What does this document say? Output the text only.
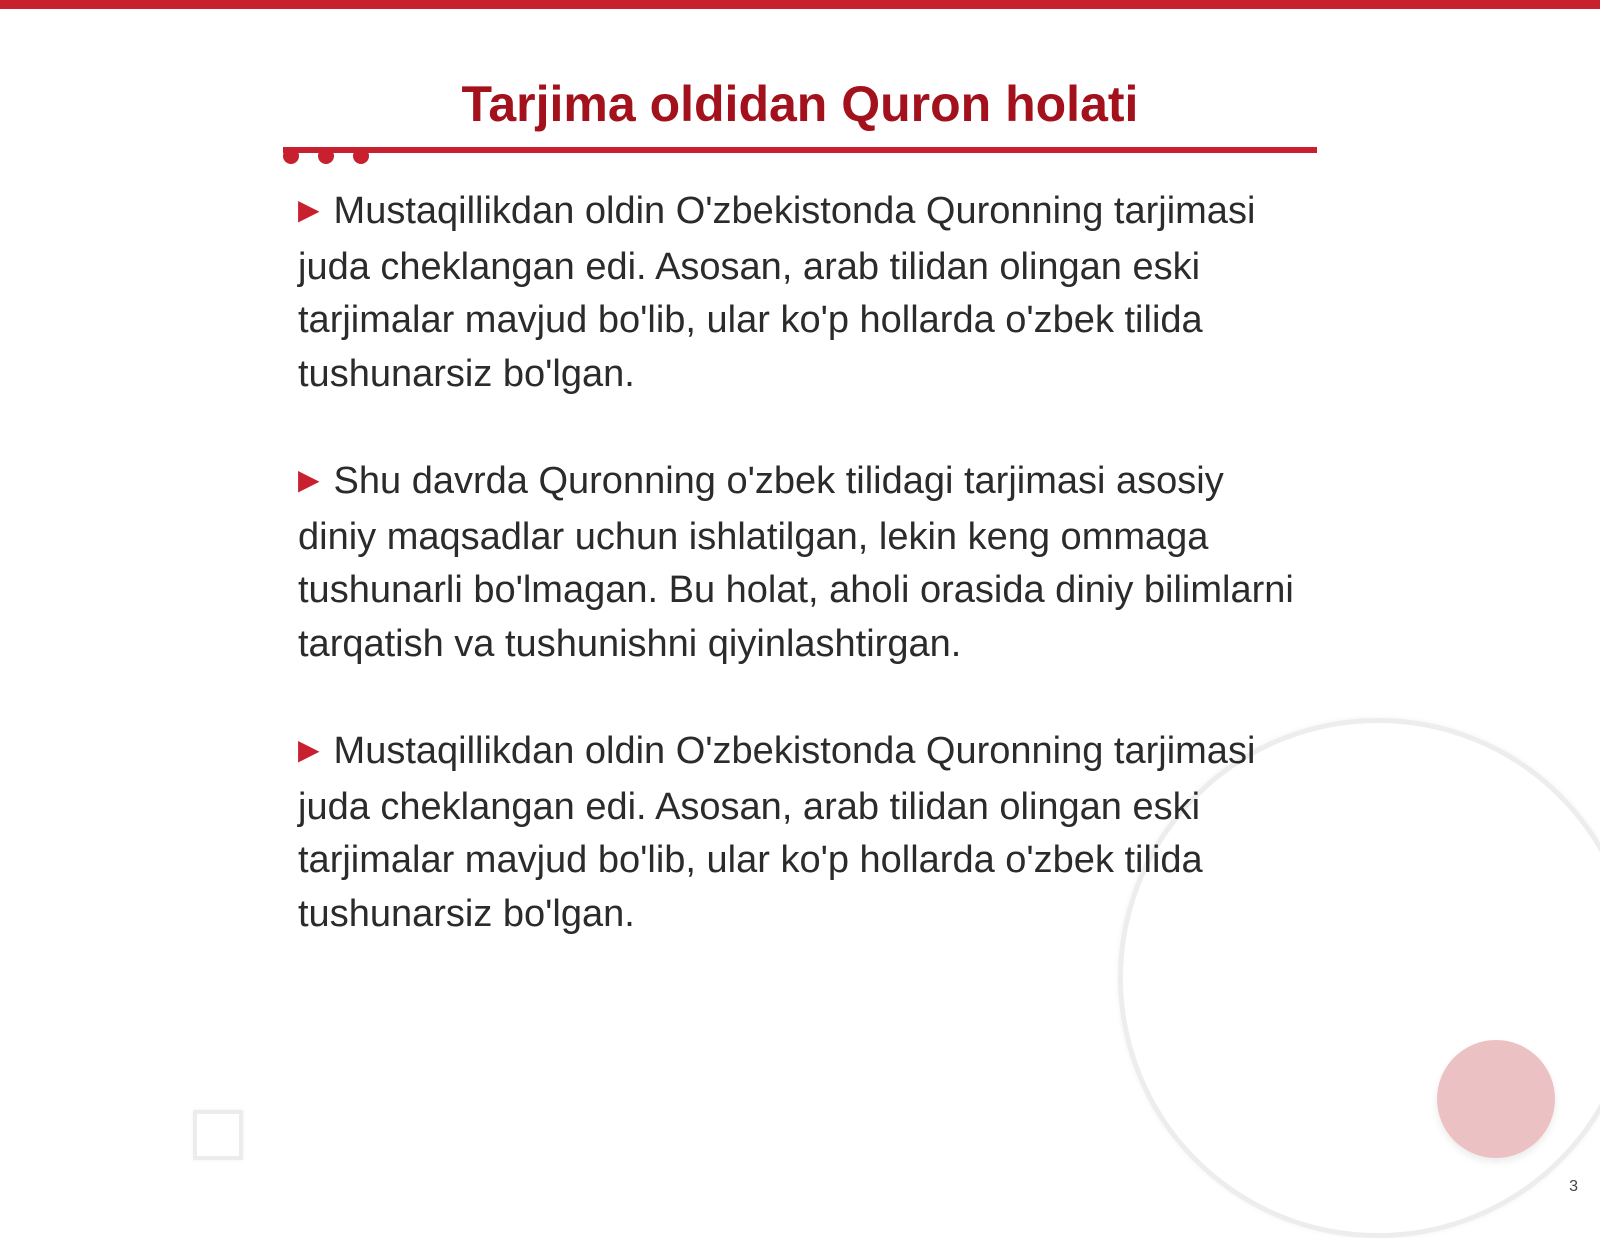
Tarjima oldidan Quron holati

▶ Mustaqillikdan oldin O'zbekistonda Quronning tarjimasi juda cheklangan edi. Asosan, arab tilidan olingan eski tarjimalar mavjud bo'lib, ular ko'p hollarda o'zbek tilida tushunarsiz bo'lgan.

▶ Shu davrda Quronning o'zbek tilidagi tarjimasi asosiy diniy maqsadlar uchun ishlatilgan, lekin keng ommaga tushunarli bo'lmagan. Bu holat, aholi orasida diniy bilimlarni tarqatish va tushunishni qiyinlashtirgan.

▶ Mustaqillikdan oldin O'zbekistonda Quronning tarjimasi juda cheklangan edi. Asosan, arab tilidan olingan eski tarjimalar mavjud bo'lib, ular ko'p hollarda o'zbek tilida tushunarsiz bo'lgan.

3
